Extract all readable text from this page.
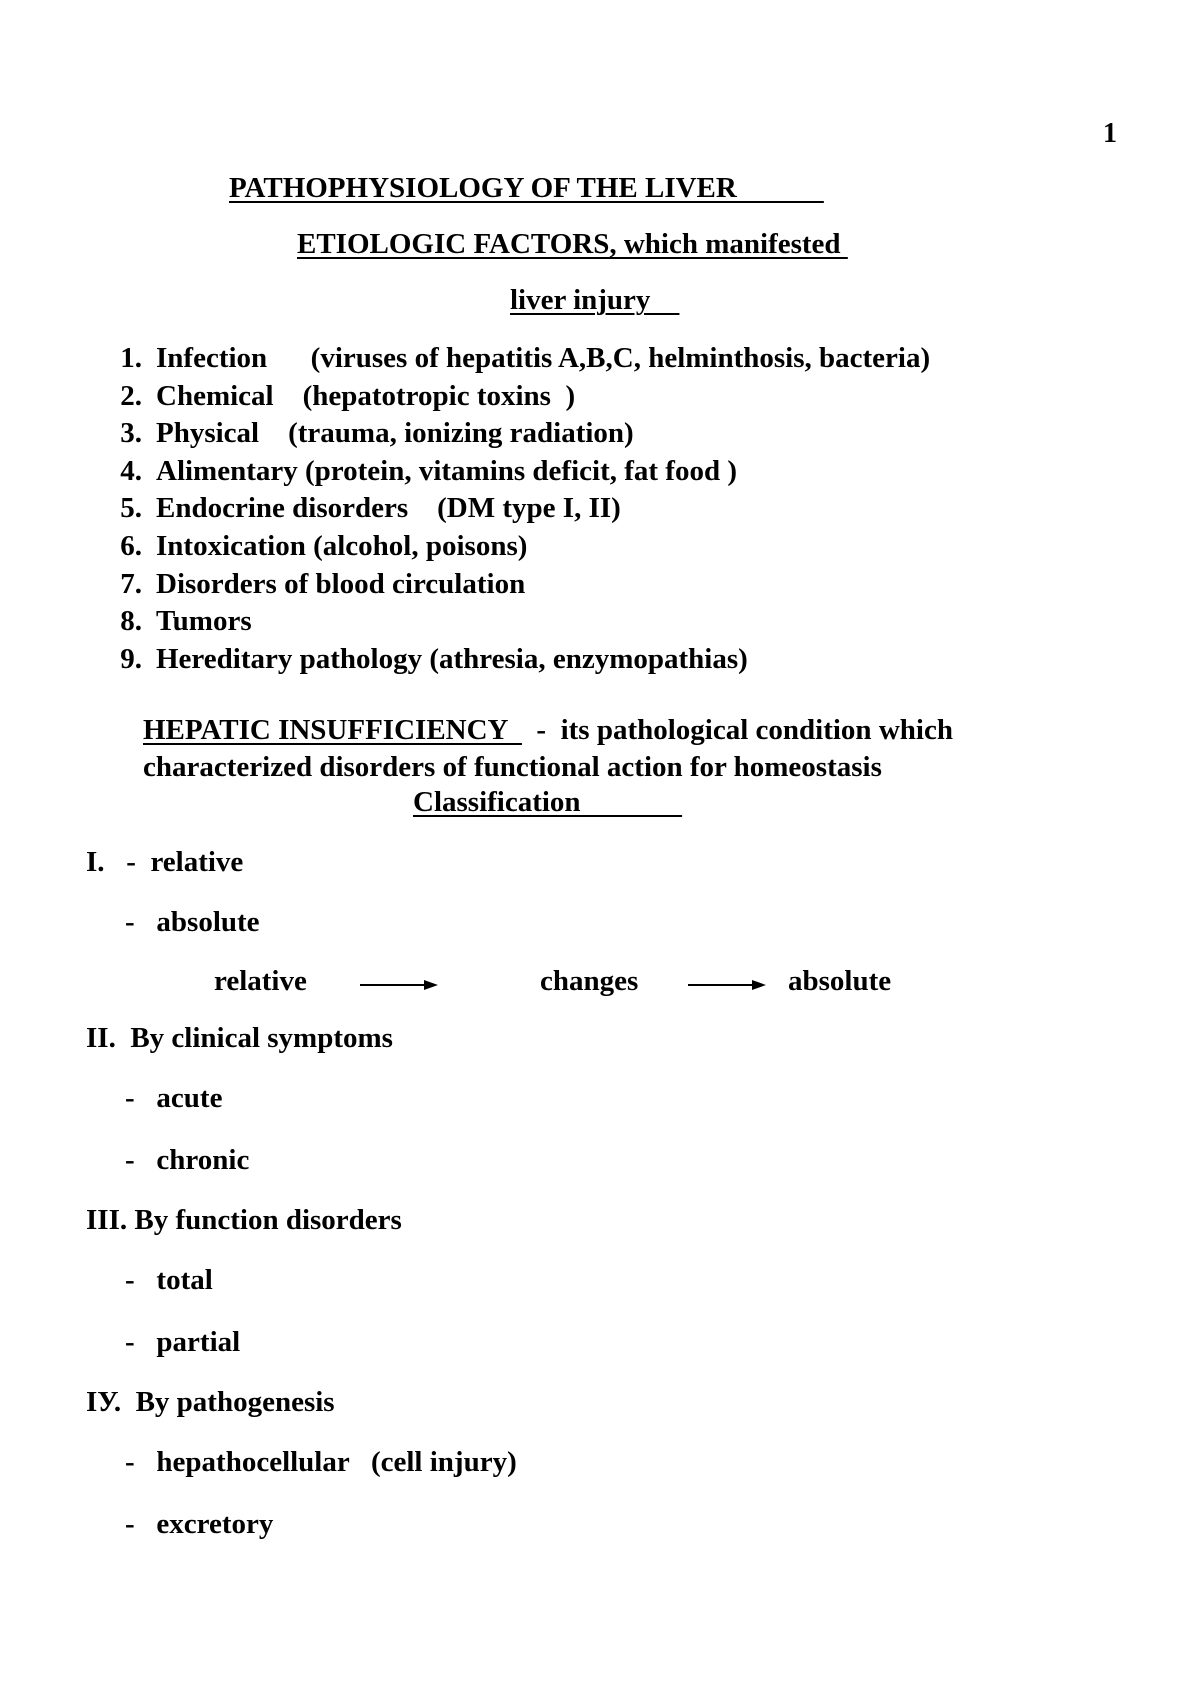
1
PATHOPHYSIOLOGY OF THE LIVER
ETIOLOGIC FACTORS, which manifested
liver injury
1. Infection      (viruses of hepatitis A,B,C, helminthosis, bacteria)
2. Chemical    (hepatotropic toxins  )
3. Physical    (trauma, ionizing radiation)
4. Alimentary (protein, vitamins deficit, fat food )
5. Endocrine disorders    (DM type I, II)
6. Intoxication (alcohol, poisons)
7. Disorders of blood circulation
8. Tumors
9. Hereditary pathology (athresia, enzymopathias)
HEPATIC INSUFFICIENCY    -  its pathological condition which
characterized disorders of functional action for homeostasis
Classification
I.   -  relative
-   absolute
relative	changes	absolute
II.  By clinical symptoms
-   acute
-   chronic
III. By function disorders
-   total
-   partial
IУ.  By pathogenesis
-   hepathocellular   (cell injury)
-   excretory
